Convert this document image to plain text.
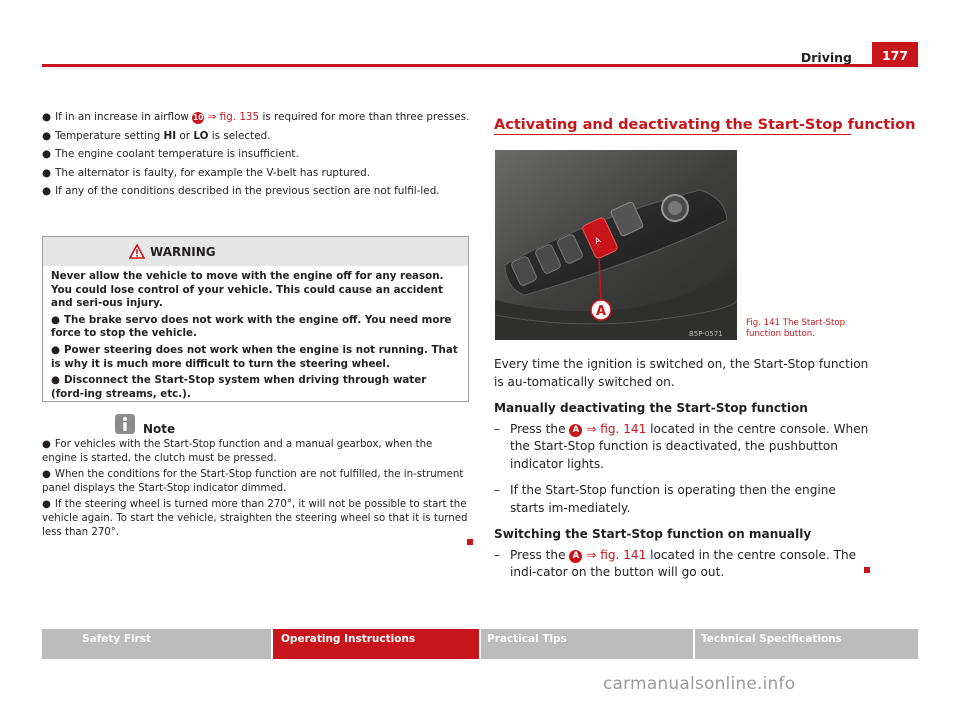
Driving	177

● If in an increase in airflow 10 ⇒ fig. 135 is required for more than three presses.

● Temperature setting HI or LO is selected.

● The engine coolant temperature is insufficient.

● The alternator is faulty, for example the V-belt has ruptured.

● If any of the conditions described in the previous section are not fulfil-led.

WARNING

Never allow the vehicle to move with the engine off for any reason. You could lose control of your vehicle. This could cause an accident and seri-ous injury.

● The brake servo does not work with the engine off. You need more force to stop the vehicle.

● Power steering does not work when the engine is not running. That is why it is much more difficult to turn the steering wheel.

● Disconnect the Start-Stop system when driving through water (ford-ing streams, etc.).

Note

● For vehicles with the Start-Stop function and a manual gearbox, when the engine is started, the clutch must be pressed.

● When the conditions for the Start-Stop function are not fulfilled, the in-strument panel displays the Start-Stop indicator dimmed.

● If the steering wheel is turned more than 270°, it will not be possible to start the vehicle again. To start the vehicle, straighten the steering wheel so that it is turned less than 270°.

Activating and deactivating the Start-Stop function
A
A
B5P-0571
Fig. 141 The Start-Stop function button.

Every time the ignition is switched on, the Start-Stop function is au-tomatically switched on.

Manually deactivating the Start-Stop function

– Press the A ⇒ fig. 141 located in the centre console. When the Start-Stop function is deactivated, the pushbutton indicator lights.
– If the Start-Stop function is operating then the engine starts im-mediately.

Switching the Start-Stop function on manually

– Press the A ⇒ fig. 141 located in the centre console. The indi-cator on the button will go out.
Safety First	Operating Instructions	Practical Tips	Technical Specifications
carmanualsonline.info
